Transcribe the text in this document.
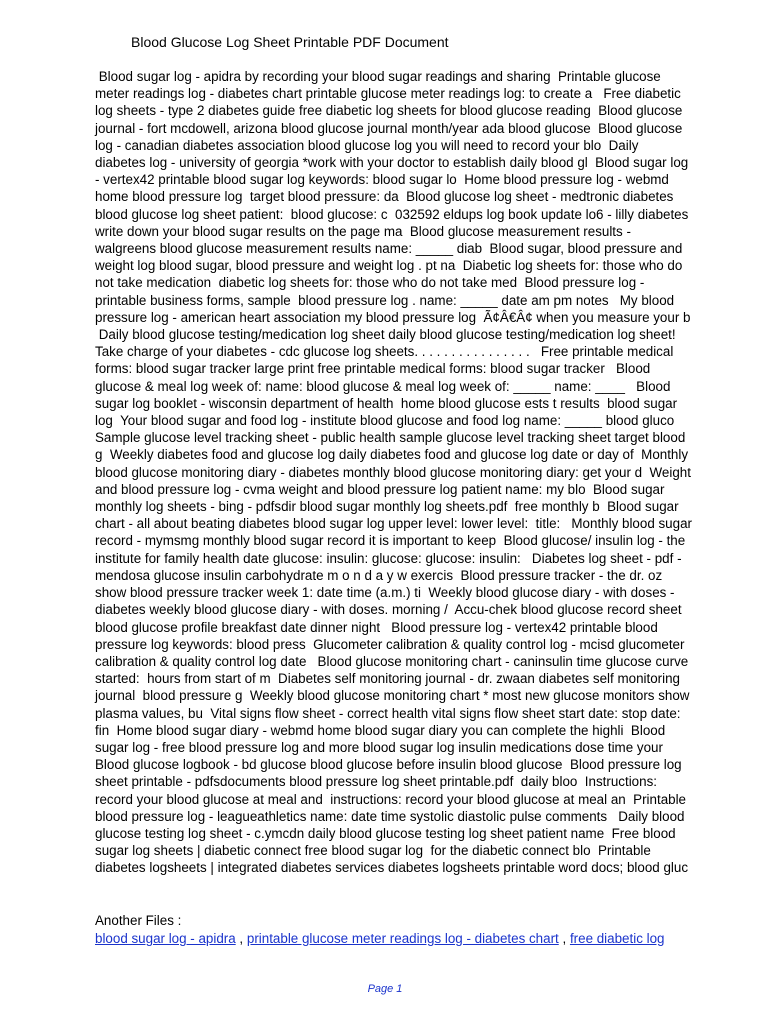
Blood Glucose Log Sheet Printable PDF Document
Blood sugar log - apidra by recording your blood sugar readings and sharing  Printable glucose
meter readings log - diabetes chart printable glucose meter readings log: to create a   Free diabetic
log sheets - type 2 diabetes guide free diabetic log sheets for blood glucose reading  Blood glucose
journal - fort mcdowell, arizona blood glucose journal month/year ada blood glucose  Blood glucose
log - canadian diabetes association blood glucose log you will need to record your blo  Daily
diabetes log - university of georgia *work with your doctor to establish daily blood gl  Blood sugar log
- vertex42 printable blood sugar log keywords: blood sugar lo  Home blood pressure log - webmd
home blood pressure log  target blood pressure: da  Blood glucose log sheet - medtronic diabetes
blood glucose log sheet patient:  blood glucose: c  032592 eldups log book update lo6 - lilly diabetes
write down your blood sugar results on the page ma  Blood glucose measurement results -
walgreens blood glucose measurement results name: _____ diab  Blood sugar, blood pressure and
weight log blood sugar, blood pressure and weight log . pt na  Diabetic log sheets for: those who do
not take medication  diabetic log sheets for: those who do not take med  Blood pressure log -
printable business forms, sample  blood pressure log . name: _____ date am pm notes   My blood
pressure log - american heart association my blood pressure log  Ã¢Â€Â¢ when you measure your b
Daily blood glucose testing/medication log sheet daily blood glucose testing/medication log sheet!
Take charge of your diabetes - cdc glucose log sheets. . . . . . . . . . . . . . . .   Free printable medical
forms: blood sugar tracker large print free printable medical forms: blood sugar tracker   Blood
glucose & meal log week of: name: blood glucose & meal log week of: _____ name: ____   Blood
sugar log booklet - wisconsin department of health  home blood glucose ests t results  blood sugar
log  Your blood sugar and food log - institute blood glucose and food log name: _____ blood gluco
Sample glucose level tracking sheet - public health sample glucose level tracking sheet target blood
g  Weekly diabetes food and glucose log daily diabetes food and glucose log date or day of  Monthly
blood glucose monitoring diary - diabetes monthly blood glucose monitoring diary: get your d  Weight
and blood pressure log - cvma weight and blood pressure log patient name: my blo  Blood sugar
monthly log sheets - bing - pdfsdir blood sugar monthly log sheets.pdf  free monthly b  Blood sugar
chart - all about beating diabetes blood sugar log upper level: lower level:  title:   Monthly blood sugar
record - mymsmg monthly blood sugar record it is important to keep  Blood glucose/ insulin log - the
institute for family health date glucose: insulin: glucose: glucose: insulin:   Diabetes log sheet - pdf -
mendosa glucose insulin carbohydrate m o n d a y w exercis  Blood pressure tracker - the dr. oz
show blood pressure tracker week 1: date time (a.m.) ti  Weekly blood glucose diary - with doses -
diabetes weekly blood glucose diary - with doses. morning /  Accu-chek blood glucose record sheet
blood glucose profile breakfast date dinner night   Blood pressure log - vertex42 printable blood
pressure log keywords: blood press  Glucometer calibration & quality control log - mcisd glucometer
calibration & quality control log date   Blood glucose monitoring chart - caninsulin time glucose curve
started:  hours from start of m  Diabetes self monitoring journal - dr. zwaan diabetes self monitoring
journal  blood pressure g  Weekly blood glucose monitoring chart * most new glucose monitors show
plasma values, bu  Vital signs flow sheet - correct health vital signs flow sheet start date: stop date:
fin  Home blood sugar diary - webmd home blood sugar diary you can complete the highli  Blood
sugar log - free blood pressure log and more blood sugar log insulin medications dose time your
Blood glucose logbook - bd glucose blood glucose before insulin blood glucose  Blood pressure log
sheet printable - pdfsdocuments blood pressure log sheet printable.pdf  daily bloo  Instructions:
record your blood glucose at meal and  instructions: record your blood glucose at meal an  Printable
blood pressure log - leagueathletics name: date time systolic diastolic pulse comments   Daily blood
glucose testing log sheet - c.ymcdn daily blood glucose testing log sheet patient name  Free blood
sugar log sheets | diabetic connect free blood sugar log  for the diabetic connect blo  Printable
diabetes logsheets | integrated diabetes services diabetes logsheets printable word docs; blood gluc
Another Files :
blood sugar log - apidra , printable glucose meter readings log - diabetes chart , free diabetic log
Page 1
